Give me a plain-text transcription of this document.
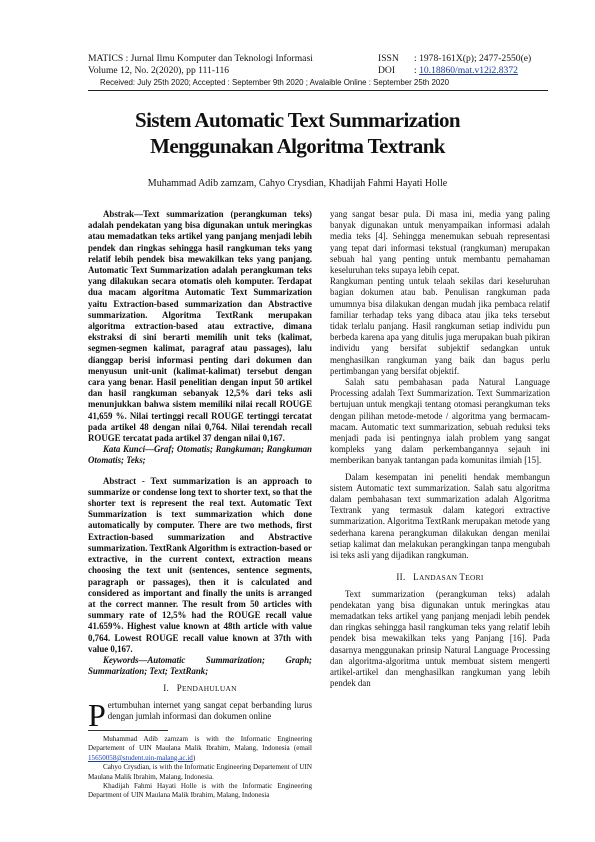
MATICS : Jurnal Ilmu Komputer dan Teknologi Informasi	ISSN : 1978-161X(p); 2477-2550(e)
Volume 12, No. 2(2020), pp 111-116	DOI : 10.18860/mat.v12i2.8372
Received: July 25th 2020; Accepted : September 9th 2020 ; Avalaible Online : September 25th 2020
Sistem Automatic Text Summarization
Menggunakan Algoritma Textrank
Muhammad Adib zamzam, Cahyo Crysdian, Khadijah Fahmi Hayati Holle

Abstrak—Text summarization (perangkuman teks) adalah pendekatan yang bisa digunakan untuk meringkas atau memadatkan teks artikel yang panjang menjadi lebih pendek dan ringkas sehingga hasil rangkuman teks yang relatif lebih pendek bisa mewakilkan teks yang panjang. Automatic Text Summarization adalah perangkuman teks yang dilakukan secara otomatis oleh komputer. Terdapat dua macam algoritma Automatic Text Summarization yaitu Extraction-based summarization dan Abstractive summarization. Algoritma TextRank merupakan algoritma extraction-based atau extractive, dimana ekstraksi di sini berarti memilih unit teks (kalimat, segmen-segmen kalimat, paragraf atau passages), lalu dianggap berisi informasi penting dari dokumen dan menyusun unit-unit (kalimat-kalimat) tersebut dengan cara yang benar. Hasil penelitian dengan input 50 artikel dan hasil rangkuman sebanyak 12,5% dari teks asli menunjukkan bahwa sistem memiliki nilai recall ROUGE 41,659 %. Nilai tertinggi recall ROUGE tertinggi tercatat pada artikel 48 dengan nilai 0,764. Nilai terendah recall ROUGE tercatat pada artikel 37 dengan nilai 0,167.

Kata Kunci—Graf; Otomatis; Rangkuman; Rangkuman Otomatis; Teks;

Abstract - Text summarization is an approach to summarize or condense long text to shorter text, so that the shorter text is represent the real text. Automatic Text Summarization is text summarization which done automatically by computer. There are two methods, first Extraction-based summarization and Abstractive summarization. TextRank Algorithm is extraction-based or extractive, in the current context, extraction means choosing the text unit (sentences, sentence segments, paragraph or passages), then it is calculated and considered as important and finally the units is arranged at the correct manner. The result from 50 articles with summary rate of 12,5% had the ROUGE recall value 41.659%. Highest value known at 48th article with value 0,764. Lowest ROUGE recall value known at 37th with value 0,167.

Keywords—Automatic Summarization; Graph; Summarization; Text; TextRank;

I. PENDAHULUAN

Pertumbuhan internet yang sangat cepat berbanding lurus dengan jumlah informasi dan dokumen online

Muhammad Adib zamzam is with the Informatic Engineering Departement of UIN Maulana Malik Ibrahim, Malang, Indonesia (email 15650058@student.uin-malang.ac.id)

Cahyo Crysdian, is with the Informatic Engineering Departement of UIN Maulana Malik Ibrahim, Malang, Indonesia.

Khadijah Fahmi Hayati Holle is with the Informatic Engineering Department of UIN Maulana Malik Ibrahim, Malang, Indonesia

yang sangat besar pula. Di masa ini, media yang paling banyak digunakan untuk menyampaikan informasi adalah media teks [4]. Sehingga menemukan sebuah representasi yang tepat dari informasi tekstual (rangkuman) merupakan sebuah hal yang penting untuk membantu pemahaman keseluruhan teks supaya lebih cepat.

Rangkuman penting untuk telaah sekilas dari keseluruhan bagian dokumen atau bab. Penulisan rangkuman pada umumnya bisa dilakukan dengan mudah jika pembaca relatif familiar terhadap teks yang dibaca atau jika teks tersebut tidak terlalu panjang. Hasil rangkuman setiap individu pun berbeda karena apa yang ditulis juga merupakan buah pikiran individu yang bersifat subjektif sedangkan untuk menghasilkan rangkuman yang baik dan bagus perlu pertimbangan yang bersifat objektif.

Salah satu pembahasan pada Natural Language Processing adalah Text Summarization. Text Summarization bertujuan untuk mengkaji tentang otomasi perangkuman teks dengan pilihan metode-metode / algoritma yang bermacam-macam. Automatic text summarization, sebuah reduksi teks menjadi pada isi pentingnya ialah problem yang sangat kompleks yang dalam perkembangannya sejauh ini memberikan banyak tantangan pada komunitas ilmiah [15].

Dalam kesempatan ini peneliti hendak membangun sistem Automatic text summarization. Salah satu algoritma dalam pembahasan text summarization adalah Algoritma Textrank yang termasuk dalam kategori extractive summarization. Algoritma TextRank merupakan metode yang sederhana karena perangkuman dilakukan dengan menilai setiap kalimat dan melakukan perangkingan tanpa mengubah isi teks asli yang dijadikan rangkuman.

II. LANDASAN TEORI

Text summarization (perangkuman teks) adalah pendekatan yang bisa digunakan untuk meringkas atau memadatkan teks artikel yang panjang menjadi lebih pendek dan ringkas sehingga hasil rangkuman teks yang relatif lebih pendek bisa mewakilkan teks yang Panjang [16]. Pada dasarnya menggunakan prinsip Natural Language Processing dan algoritma-algoritma untuk membuat sistem mengerti artikel-artikel dan menghasilkan rangkuman yang lebih pendek dan
